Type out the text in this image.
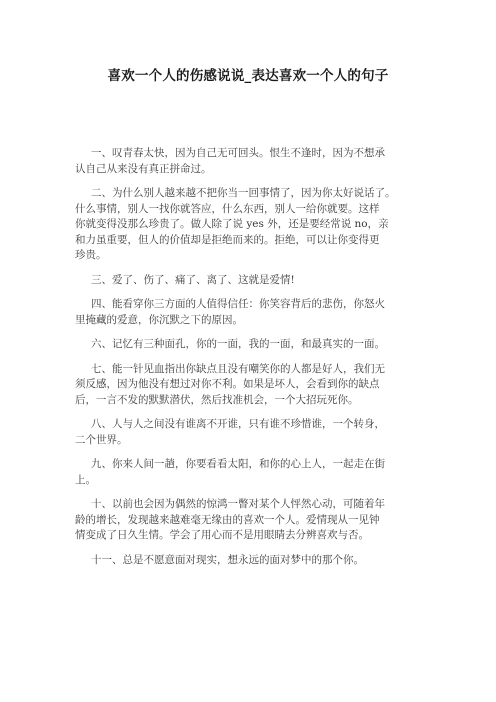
喜欢一个人的伤感说说_表达喜欢一个人的句子

一、叹青春太快，因为自己无可回头。恨生不逢时，因为不想承
认自己从来没有真正拼命过。

二、为什么别人越来越不把你当一回事情了，因为你太好说话了。
什么事情，别人一找你就答应，什么东西，别人一给你就要。这样
你就变得没那么珍贵了。做人除了说 yes 外，还是要经常说 no，亲
和力虽重要，但人的价值却是拒绝而来的。拒绝，可以让你变得更
珍贵。

三、爱了、伤了、痛了、离了、这就是爱情!

四、能看穿你三方面的人值得信任：你笑容背后的悲伤，你怒火
里掩藏的爱意，你沉默之下的原因。

六、记忆有三种面孔，你的一面，我的一面，和最真实的一面。

七、能一针见血指出你缺点且没有嘲笑你的人都是好人，我们无
须反感，因为他没有想过对你不利。如果是坏人，会看到你的缺点
后，一言不发的默默潜伏，然后找准机会，一个大招玩死你。

八、人与人之间没有谁离不开谁，只有谁不珍惜谁，一个转身，
二个世界。

九、你来人间一趟，你要看看太阳，和你的心上人，一起走在街
上。

十、以前也会因为偶然的惊鸿一瞥对某个人怦然心动，可随着年
龄的增长，发现越来越难毫无缘由的喜欢一个人。爱情现从一见钟
情变成了日久生情。学会了用心而不是用眼睛去分辨喜欢与否。

十一、总是不愿意面对现实，想永远的面对梦中的那个你。
